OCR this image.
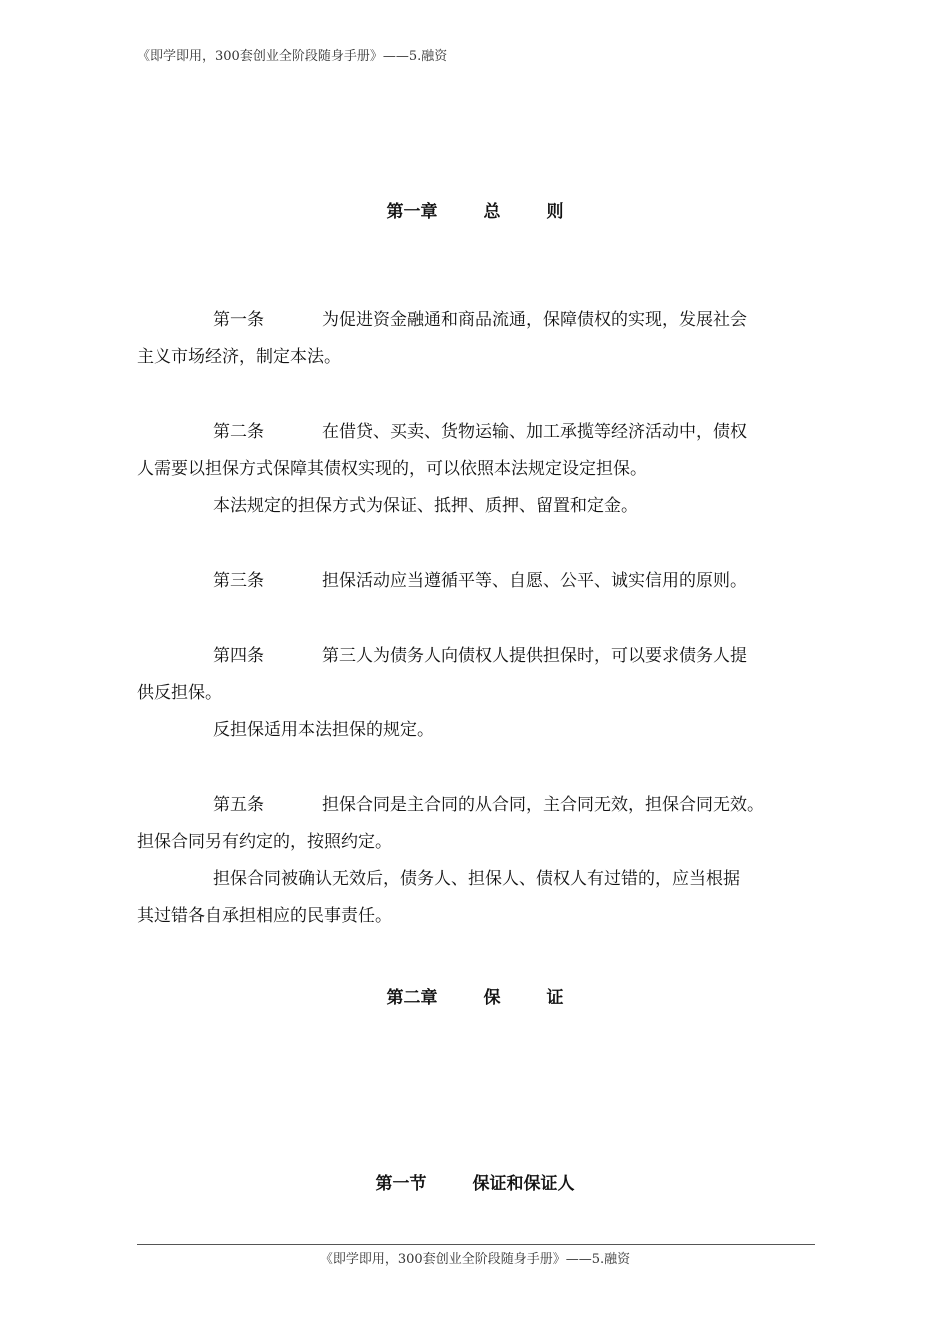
《即学即用，300套创业全阶段随身手册》——5.融资
第一章	总	则
第一条	为促进资金融通和商品流通，保障债权的实现，发展社会
主义市场经济，制定本法。
第二条	在借贷、买卖、货物运输、加工承揽等经济活动中，债权
人需要以担保方式保障其债权实现的，可以依照本法规定设定担保。
本法规定的担保方式为保证、抵押、质押、留置和定金。
第三条	担保活动应当遵循平等、自愿、公平、诚实信用的原则。
第四条	第三人为债务人向债权人提供担保时，可以要求债务人提
供反担保。
反担保适用本法担保的规定。
第五条	担保合同是主合同的从合同，主合同无效，担保合同无效。
担保合同另有约定的，按照约定。
担保合同被确认无效后，债务人、担保人、债权人有过错的，应当根据
其过错各自承担相应的民事责任。
第二章	保	证
第一节	保证和保证人
《即学即用，300套创业全阶段随身手册》——5.融资
